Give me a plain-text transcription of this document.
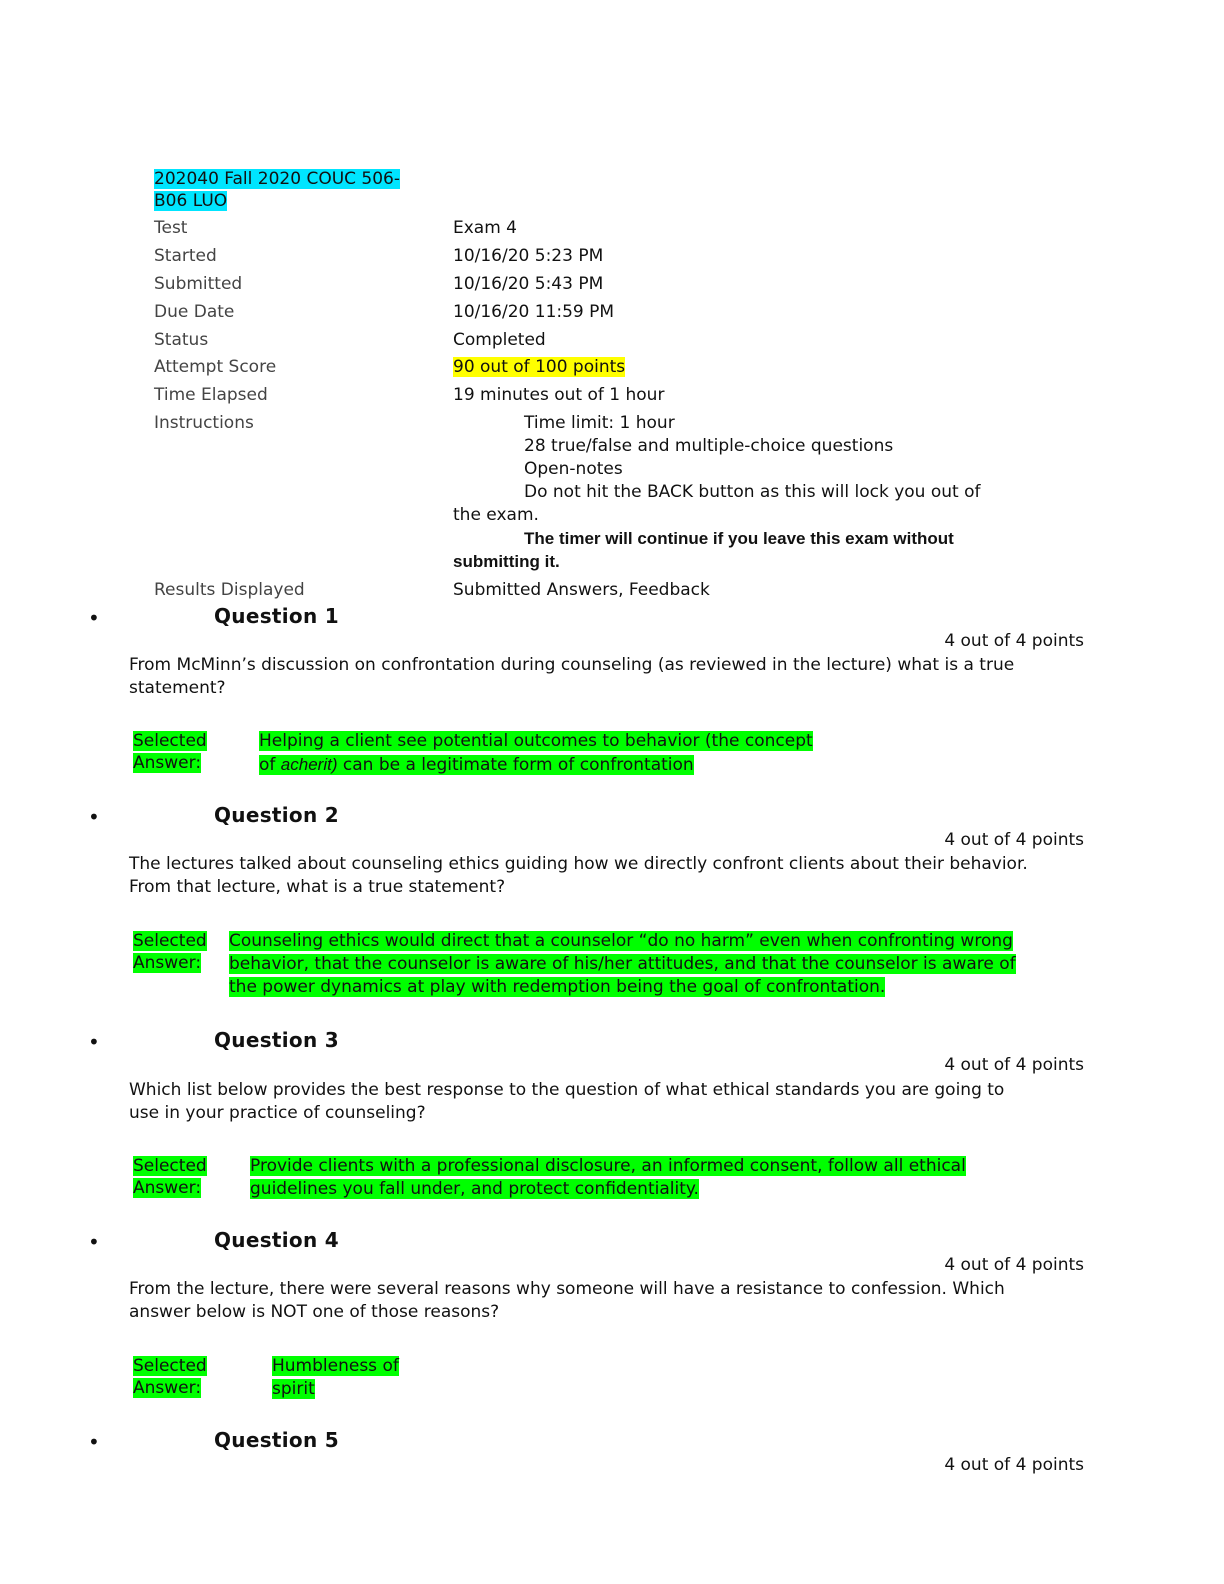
202040 Fall 2020 COUC 506-B06 LUO
Test	Exam 4
Started	10/16/20 5:23 PM
Submitted	10/16/20 5:43 PM
Due Date	10/16/20 11:59 PM
Status	Completed
Attempt Score	90 out of 100 points
Time Elapsed	19 minutes out of 1 hour
Instructions	Time limit: 1 hour
28 true/false and multiple-choice questions
Open-notes
Do not hit the BACK button as this will lock you out of
the exam.
The timer will continue if you leave this exam without
submitting it.
Results Displayed	Submitted Answers, Feedback
•	Question 1
4 out of 4 points
From McMinn’s discussion on confrontation during counseling (as reviewed in the lecture) what is a true statement?
Selected
Answer:
Helping a client see potential outcomes to behavior (the concept
of acherit) can be a legitimate form of confrontation
•	Question 2
4 out of 4 points
The lectures talked about counseling ethics guiding how we directly confront clients about their behavior. From that lecture, what is a true statement?
Selected
Answer:
Counseling ethics would direct that a counselor “do no harm” even when confronting wrong behavior, that the counselor is aware of his/her attitudes, and that the counselor is aware of the power dynamics at play with redemption being the goal of confrontation.
•	Question 3
4 out of 4 points
Which list below provides the best response to the question of what ethical standards you are going to use in your practice of counseling?
Selected
Answer:
Provide clients with a professional disclosure, an informed consent, follow all ethical guidelines you fall under, and protect confidentiality.
•	Question 4
4 out of 4 points
From the lecture, there were several reasons why someone will have a resistance to confession. Which answer below is NOT one of those reasons?
Selected
Answer:
Humbleness of spirit
•	Question 5
4 out of 4 points
